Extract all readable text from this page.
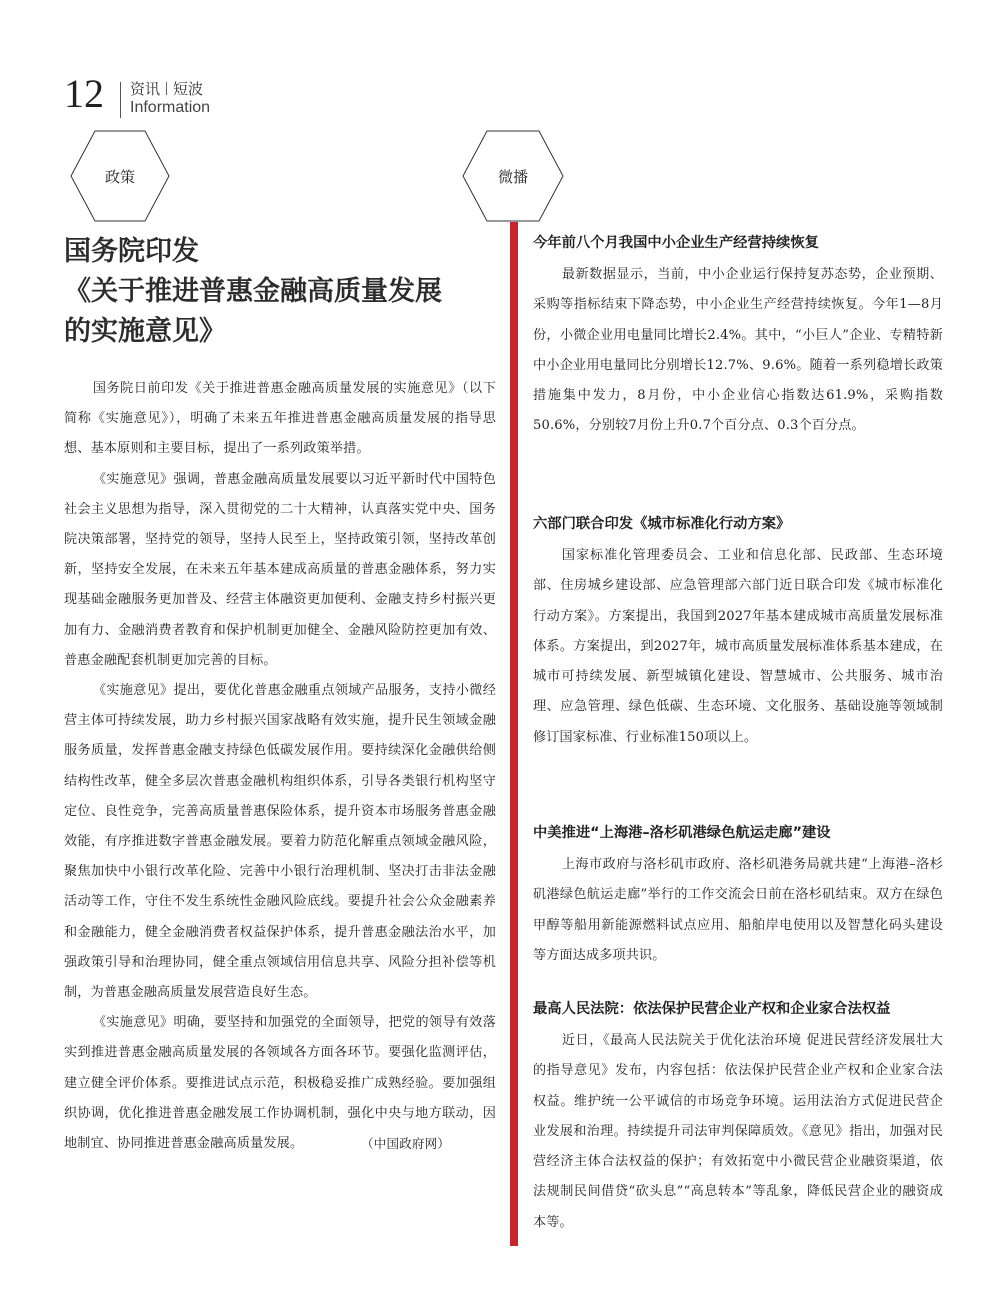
12 资讯 短波
Information
政策	微播
国务院印发
《关于推进普惠金融高质量发展
的实施意见》

国务院日前印发《关于推进普惠金融高质量发展的实施意见》（以下简称《实施意见》），明确了未来五年推进普惠金融高质量发展的指导思想、基本原则和主要目标，提出了一系列政策举措。

《实施意见》强调，普惠金融高质量发展要以习近平新时代中国特色社会主义思想为指导，深入贯彻党的二十大精神，认真落实党中央、国务院决策部署，坚持党的领导，坚持人民至上，坚持政策引领，坚持改革创新，坚持安全发展，在未来五年基本建成高质量的普惠金融体系，努力实现基础金融服务更加普及、经营主体融资更加便利、金融支持乡村振兴更加有力、金融消费者教育和保护机制更加健全、金融风险防控更加有效、普惠金融配套机制更加完善的目标。

《实施意见》提出，要优化普惠金融重点领域产品服务，支持小微经营主体可持续发展，助力乡村振兴国家战略有效实施，提升民生领域金融服务质量，发挥普惠金融支持绿色低碳发展作用。要持续深化金融供给侧结构性改革，健全多层次普惠金融机构组织体系，引导各类银行机构坚守定位、良性竞争，完善高质量普惠保险体系，提升资本市场服务普惠金融效能，有序推进数字普惠金融发展。要着力防范化解重点领域金融风险，聚焦加快中小银行改革化险、完善中小银行治理机制、坚决打击非法金融活动等工作，守住不发生系统性金融风险底线。要提升社会公众金融素养和金融能力，健全金融消费者权益保护体系，提升普惠金融法治水平，加强政策引导和治理协同，健全重点领域信用信息共享、风险分担补偿等机制，为普惠金融高质量发展营造良好生态。

《实施意见》明确，要坚持和加强党的全面领导，把党的领导有效落实到推进普惠金融高质量发展的各领域各方面各环节。要强化监测评估，建立健全评价体系。要推进试点示范，积极稳妥推广成熟经验。要加强组织协调，优化推进普惠金融发展工作协调机制，强化中央与地方联动，因地制宜、协同推进普惠金融高质量发展。	（中国政府网）
今年前八个月我国中小企业生产经营持续恢复

最新数据显示，当前，中小企业运行保持复苏态势，企业预期、采购等指标结束下降态势，中小企业生产经营持续恢复。今年1—8月份，小微企业用电量同比增长2.4%。其中，“小巨人”企业、专精特新中小企业用电量同比分别增长12.7%、9.6%。随着一系列稳增长政策措施集中发力，8月份，中小企业信心指数达61.9%，采购指数50.6%，分别较7月份上升0.7个百分点、0.3个百分点。

六部门联合印发《城市标准化行动方案》

国家标准化管理委员会、工业和信息化部、民政部、生态环境部、住房城乡建设部、应急管理部六部门近日联合印发《城市标准化行动方案》。方案提出，我国到2027年基本建成城市高质量发展标准体系。方案提出，到2027年，城市高质量发展标准体系基本建成，在城市可持续发展、新型城镇化建设、智慧城市、公共服务、城市治理、应急管理、绿色低碳、生态环境、文化服务、基础设施等领域制修订国家标准、行业标准150项以上。

中美推进“上海港–洛杉矶港绿色航运走廊”建设

上海市政府与洛杉矶市政府、洛杉矶港务局就共建“上海港–洛杉矶港绿色航运走廊”举行的工作交流会日前在洛杉矶结束。双方在绿色甲醇等船用新能源燃料试点应用、船舶岸电使用以及智慧化码头建设等方面达成多项共识。

最高人民法院：依法保护民营企业产权和企业家合法权益

近日，《最高人民法院关于优化法治环境 促进民营经济发展壮大的指导意见》发布，内容包括：依法保护民营企业产权和企业家合法权益。维护统一公平诚信的市场竞争环境。运用法治方式促进民营企业发展和治理。持续提升司法审判保障质效。《意见》指出，加强对民营经济主体合法权益的保护；有效拓宽中小微民营企业融资渠道，依法规制民间借贷“砍头息”“高息转本”等乱象，降低民营企业的融资成本等。
